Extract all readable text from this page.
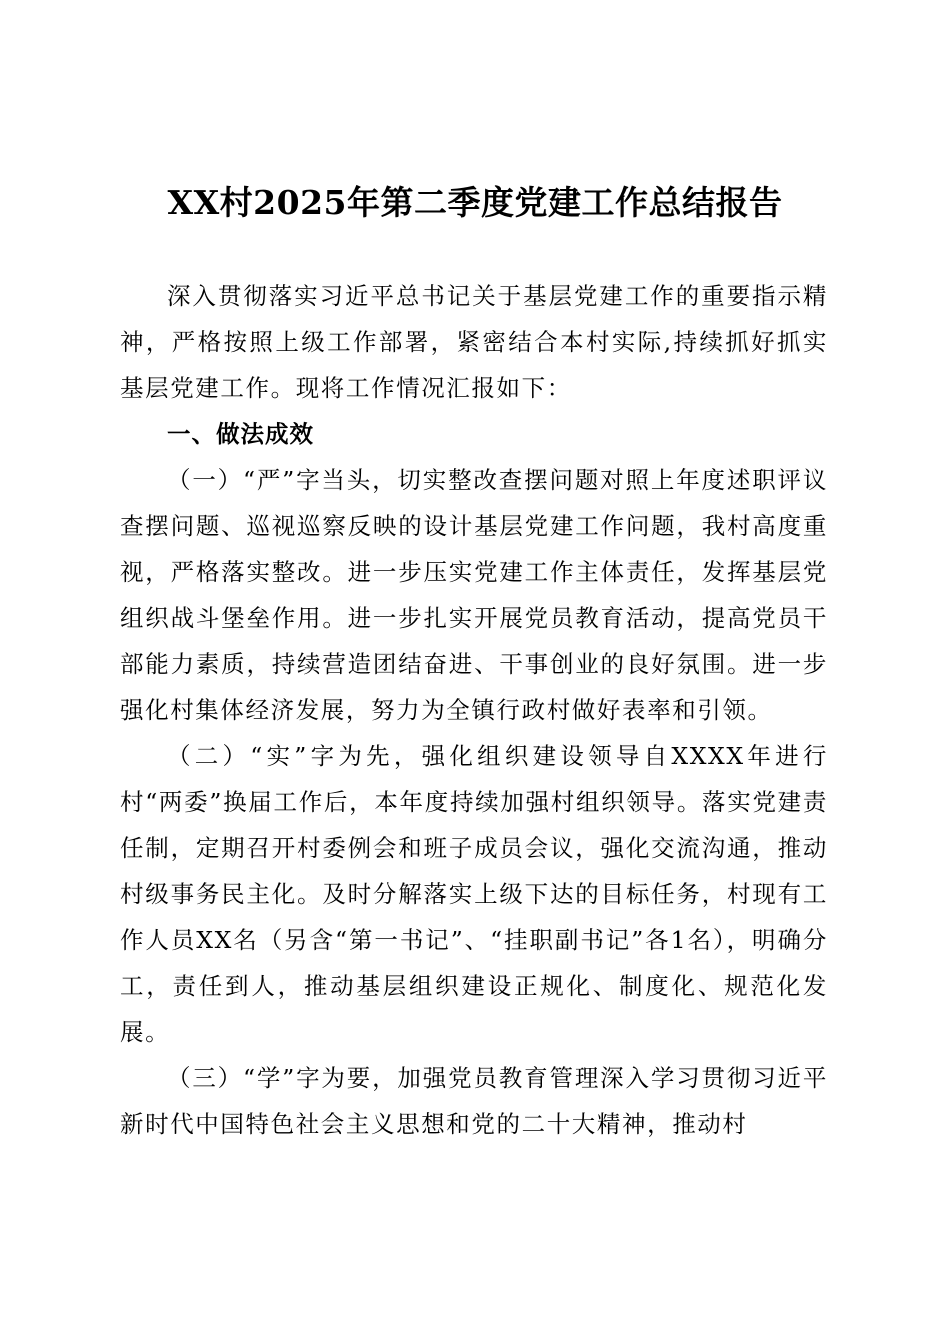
XX村2025年第二季度党建工作总结报告

深入贯彻落实习近平总书记关于基层党建工作的重要指示精神，严格按照上级工作部署，紧密结合本村实际,持续抓好抓实基层党建工作。现将工作情况汇报如下：

一、做法成效

（一）“严”字当头，切实整改查摆问题对照上年度述职评议查摆问题、巡视巡察反映的设计基层党建工作问题，我村高度重视，严格落实整改。进一步压实党建工作主体责任，发挥基层党组织战斗堡垒作用。进一步扎实开展党员教育活动，提高党员干部能力素质，持续营造团结奋进、干事创业的良好氛围。进一步强化村集体经济发展，努力为全镇行政村做好表率和引领。

（二）“实”字为先，强化组织建设领导自XXXX年进行村“两委”换届工作后，本年度持续加强村组织领导。落实党建责任制，定期召开村委例会和班子成员会议，强化交流沟通，推动村级事务民主化。及时分解落实上级下达的目标任务，村现有工作人员XX名（另含“第一书记”、“挂职副书记”各1名），明确分工，责任到人，推动基层组织建设正规化、制度化、规范化发展。

（三）“学”字为要，加强党员教育管理深入学习贯彻习近平新时代中国特色社会主义思想和党的二十大精神，推动村
